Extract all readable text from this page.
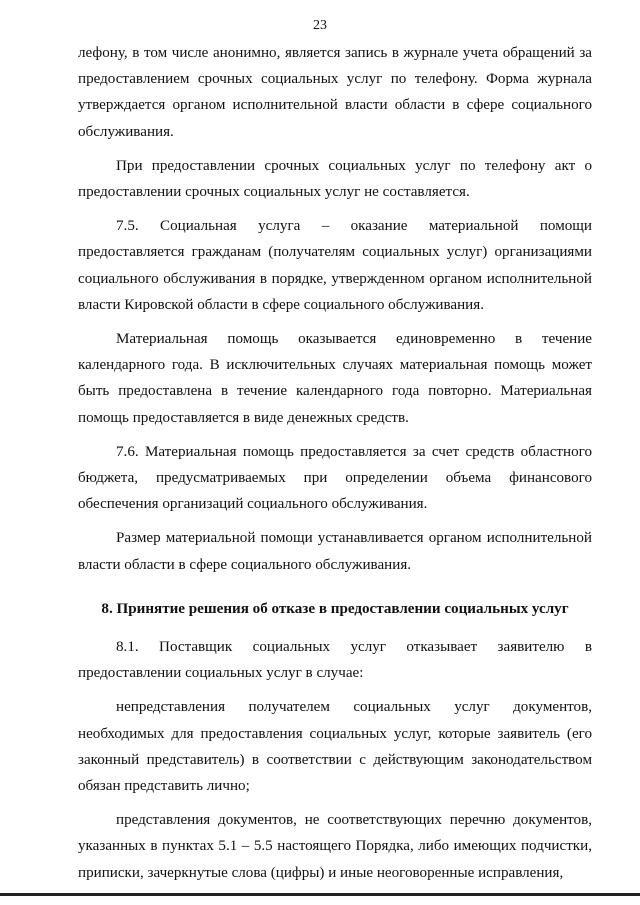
23

лефону, в том числе анонимно, является запись в журнале учета обращений за предоставлением срочных социальных услуг по телефону. Форма журнала утверждается органом исполнительной власти области в сфере социального обслуживания.

При предоставлении срочных социальных услуг по телефону акт о предоставлении срочных социальных услуг не составляется.

7.5. Социальная услуга – оказание материальной помощи предоставляется гражданам (получателям социальных услуг) организациями социального обслуживания в порядке, утвержденном органом исполнительной власти Кировской области в сфере социального обслуживания.

Материальная помощь оказывается единовременно в течение календарного года. В исключительных случаях материальная помощь может быть предоставлена в течение календарного года повторно. Материальная помощь предоставляется в виде денежных средств.

7.6. Материальная помощь предоставляется за счет средств областного бюджета, предусматриваемых при определении объема финансового обеспечения организаций социального обслуживания.

Размер материальной помощи устанавливается органом исполнительной власти области в сфере социального обслуживания.

8. Принятие решения об отказе в предоставлении социальных услуг

8.1. Поставщик социальных услуг отказывает заявителю в предоставлении социальных услуг в случае:

непредставления получателем социальных услуг документов, необходимых для предоставления социальных услуг, которые заявитель (его законный представитель) в соответствии с действующим законодательством обязан представить лично;

представления документов, не соответствующих перечню документов, указанных в пунктах 5.1 – 5.5 настоящего Порядка, либо имеющих подчистки, приписки, зачеркнутые слова (цифры) и иные неоговоренные исправления,
